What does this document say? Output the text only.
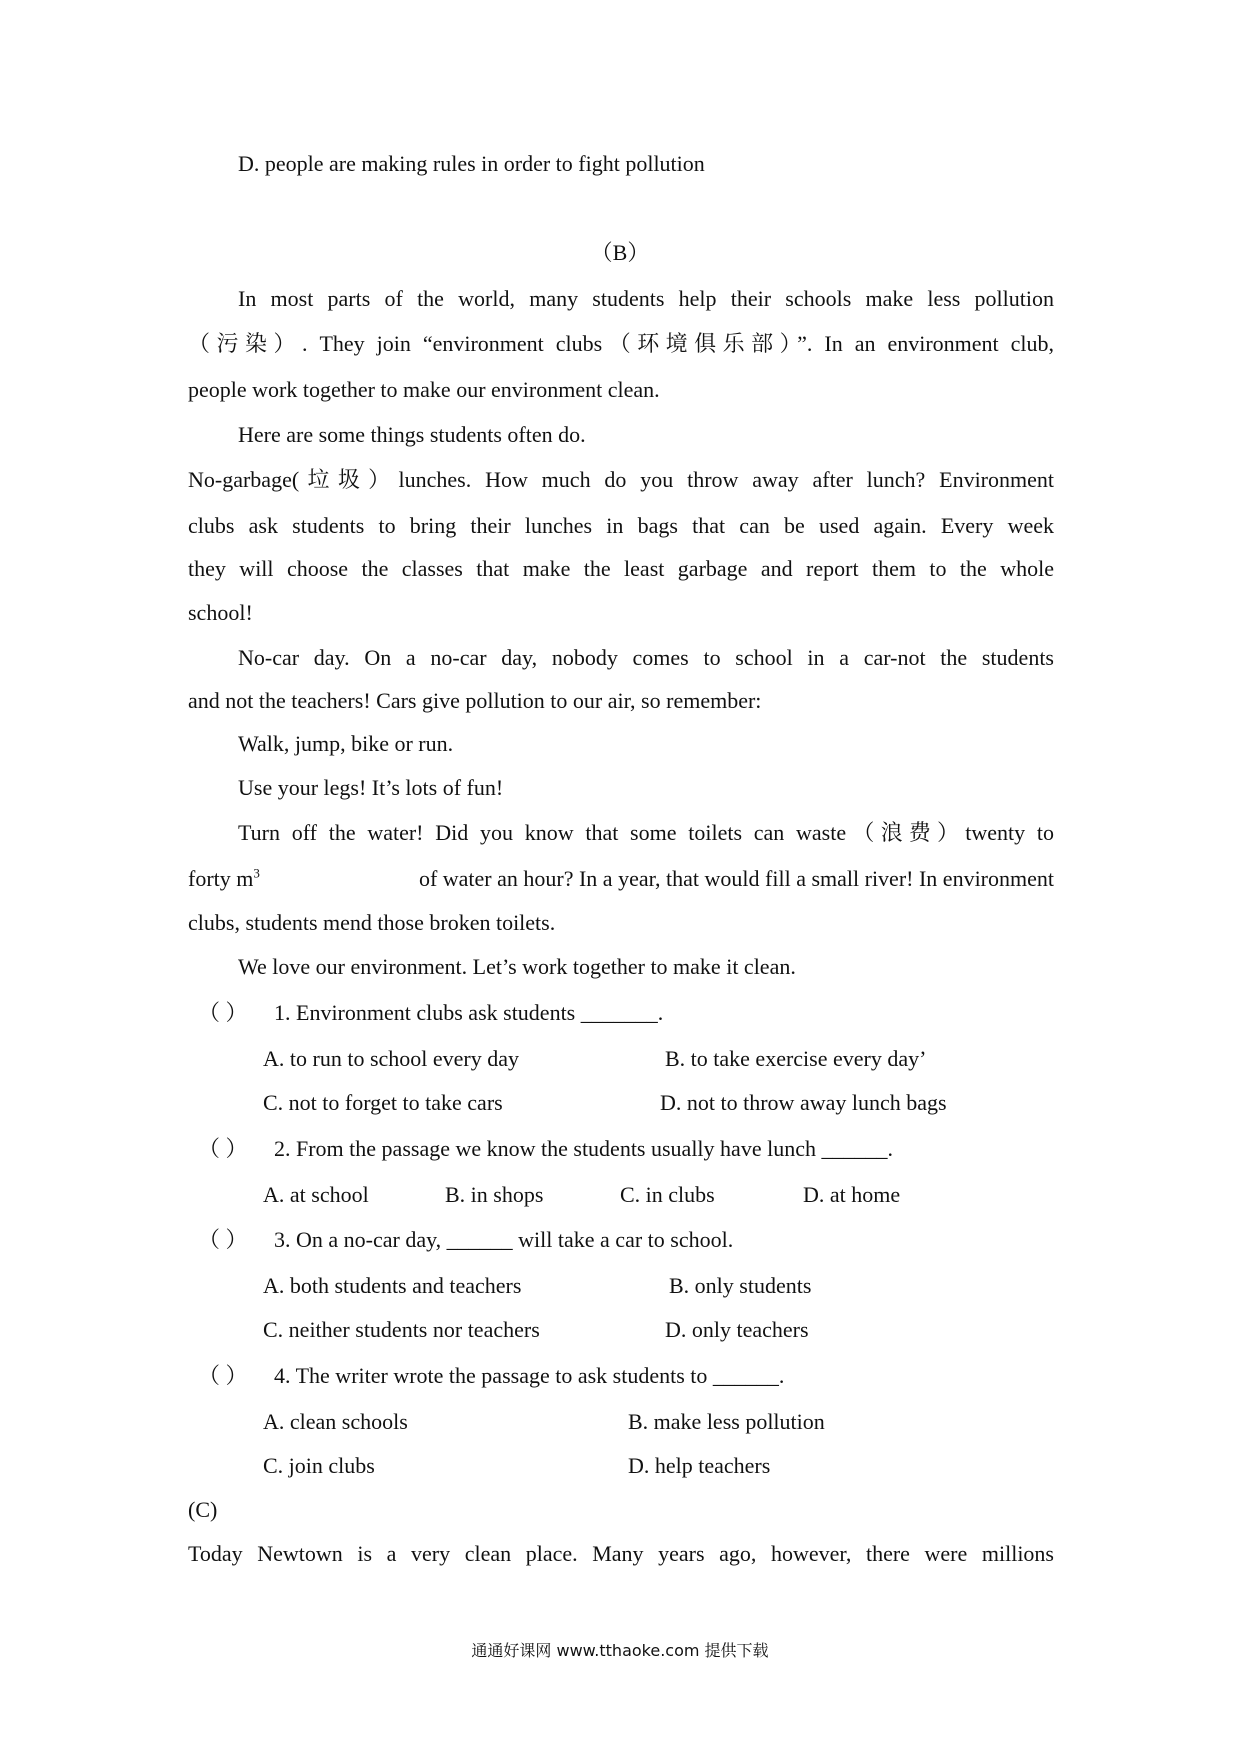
D. people are making rules in order to fight pollution
（B）
In most parts of the world, many students help their schools make less pollution
（污染）. They join “environment clubs（环境俱乐部）”. In an environment club,
people work together to make our environment clean.
Here are some things students often do.
No-garbage(垃圾）lunches. How much do you throw away after lunch? Environment
clubs ask students to bring their lunches in bags that can be used again. Every week
they will choose the classes that make the least garbage and report them to the whole
school!
No-car day. On a no-car day, nobody comes to school in a car-not the students
and not the teachers! Cars give pollution to our air, so remember:
Walk, jump, bike or run.
Use your legs! It’s lots of fun!
Turn off the water! Did you know that some toilets can waste（浪费）twenty to
forty $m^3$	of water an hour? In a year, that would fill a small river! In environment
clubs, students mend those broken toilets.
We love our environment. Let’s work together to make it clean.
（ ） 1. Environment clubs ask students _______.
A. to run to school every day	B. to take exercise every day’
C. not to forget to take cars	D. not to throw away lunch bags
（ ） 2. From the passage we know the students usually have lunch ______.
A. at school	B. in shops	C. in clubs	D. at home
（ ） 3. On a no-car day, ______ will take a car to school.
A. both students and teachers	B. only students
C. neither students nor teachers	D. only teachers
（ ） 4. The writer wrote the passage to ask students to ______.
A. clean schools	B. make less pollution
C. join clubs	D. help teachers
(C)
Today Newtown is a very clean place. Many years ago, however, there were millions
通通好课网 www.tthaoke.com 提供下载
